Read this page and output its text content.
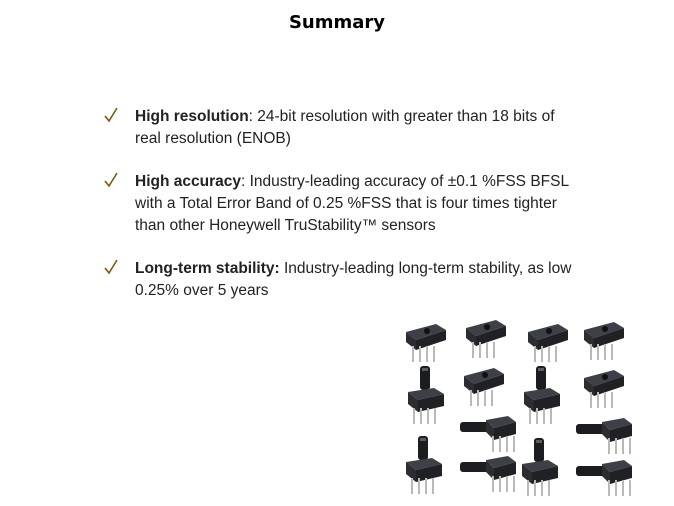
Summary
High resolution: 24-bit resolution with greater than 18 bits of real resolution (ENOB)
High accuracy: Industry-leading accuracy of ±0.1 %FSS BFSL with a Total Error Band of 0.25 %FSS that is four times tighter than other Honeywell TruStability™ sensors
Long-term stability: Industry-leading long-term stability, as low 0.25% over 5 years
